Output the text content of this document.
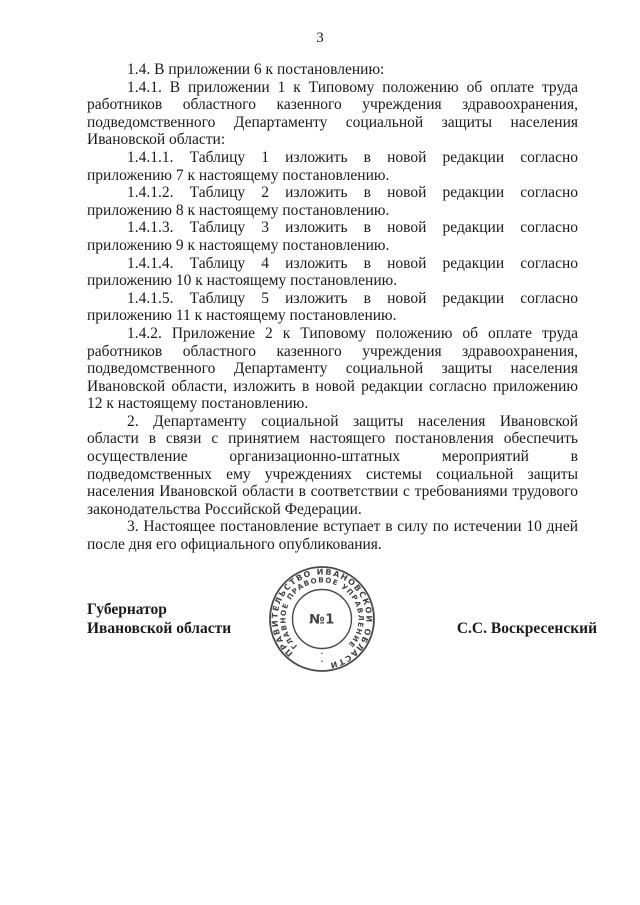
3

1.4. В приложении 6 к постановлению:

1.4.1. В приложении 1 к Типовому положению об оплате труда работников областного казенного учреждения здравоохранения, подведомственного Департаменту социальной защиты населения Ивановской области:

1.4.1.1. Таблицу 1 изложить в новой редакции согласно приложению 7 к настоящему постановлению.

1.4.1.2. Таблицу 2 изложить в новой редакции согласно приложению 8 к настоящему постановлению.

1.4.1.3. Таблицу 3 изложить в новой редакции согласно приложению 9 к настоящему постановлению.

1.4.1.4. Таблицу 4 изложить в новой редакции согласно приложению 10 к настоящему постановлению.

1.4.1.5. Таблицу 5 изложить в новой редакции согласно приложению 11 к настоящему постановлению.

1.4.2. Приложение 2 к Типовому положению об оплате труда работников областного казенного учреждения здравоохранения, подведомственного Департаменту социальной защиты населения Ивановской области, изложить в новой редакции согласно приложению 12 к настоящему постановлению.

2. Департаменту социальной защиты населения Ивановской области в связи с принятием настоящего постановления обеспечить осуществление организационно-штатных мероприятий в подведомственных ему учреждениях системы социальной защиты населения Ивановской области в соответствии с требованиями трудового законодательства Российской Федерации.

3. Настоящее постановление вступает в силу по истечении 10 дней после дня его официального опубликования.

Губернатор
Ивановской области	С.С. Воскресенский
ПРАВИТЕЛЬСТВО ИВАНОВСКОЙ ОБЛАСТИ
ГЛАВНОЕ ПРАВОВОЕ УПРАВЛЕНИЕ
№1
·
·
